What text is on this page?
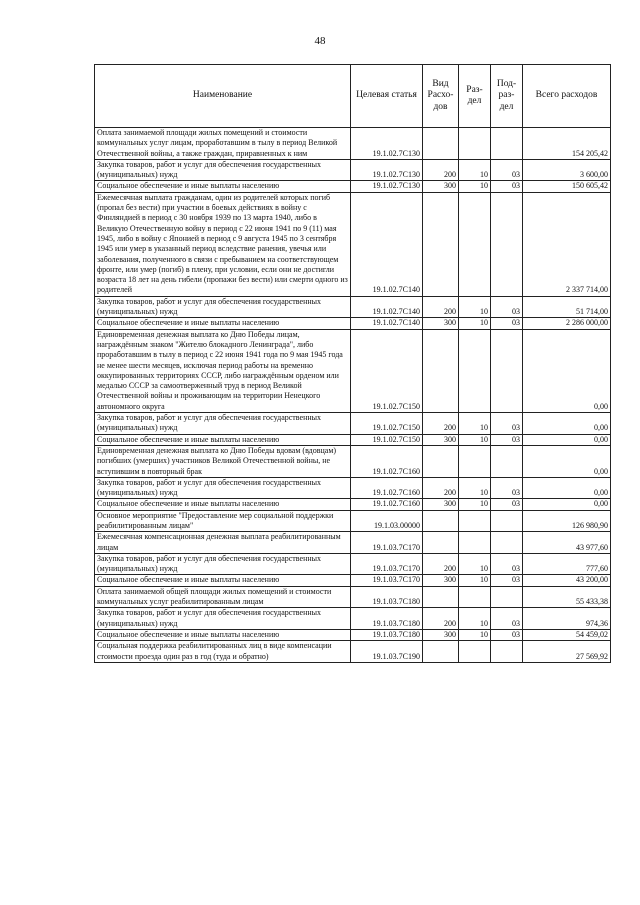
48
Наименование	Целевая статья	Вид Расхо-дов	Раз-дел	Под-раз-дел	Всего расходов
Оплата занимаемой площади жилых помещений и стоимости коммунальных услуг лицам, проработавшим в тылу в период Великой Отечественной войны, а также граждан, приравненных к ним	19.1.02.7С130				154 205,42
Закупка товаров, работ и услуг для обеспечения государственных (муниципальных) нужд	19.1.02.7С130	200	10	03	3 600,00
Социальное обеспечение и иные выплаты населению	19.1.02.7С130	300	10	03	150 605,42
Ежемесячная выплата гражданам, один из родителей которых погиб (пропал без вести) при участии в боевых действиях в войну с Финляндией в период с 30 ноября 1939 по 13 марта 1940, либо в Великую Отечественную войну в период с 22 июня 1941 по 9 (11) мая 1945, либо в войну с Японией в период с 9 августа 1945 по 3 сентября 1945 или умер в указанный период вследствие ранения, увечья или заболевания, полученного в связи с пребыванием на соответствующем фронте, или умер (погиб) в плену, при условии, если они не достигли возраста 18 лет на день гибели (пропажи без вести) или смерти одного из родителей	19.1.02.7С140				2 337 714,00
Закупка товаров, работ и услуг для обеспечения государственных (муниципальных) нужд	19.1.02.7С140	200	10	03	51 714,00
Социальное обеспечение и иные выплаты населению	19.1.02.7С140	300	10	03	2 286 000,00
Единовременная денежная выплата ко Дню Победы лицам, награждённым знаком "Жителю блокадного Ленинграда", либо проработавшим в тылу в период с 22 июня 1941 года по 9 мая 1945 года не менее шести месяцев, исключая период работы на временно оккупированных территориях СССР, либо награждённым орденом или медалью СССР за самоотверженный труд в период Великой Отечественной войны и проживающим на территории Ненецкого автономного округа	19.1.02.7С150				0,00
Закупка товаров, работ и услуг для обеспечения государственных (муниципальных) нужд	19.1.02.7С150	200	10	03	0,00
Социальное обеспечение и иные выплаты населению	19.1.02.7С150	300	10	03	0,00
Единовременная денежная выплата ко Дню Победы вдовам (вдовцам) погибших (умерших) участников Великой Отечественной войны, не вступившим в повторный брак	19.1.02.7С160				0,00
Закупка товаров, работ и услуг для обеспечения государственных (муниципальных) нужд	19.1.02.7С160	200	10	03	0,00
Социальное обеспечение и иные выплаты населению	19.1.02.7С160	300	10	03	0,00
Основное мероприятие "Предоставление мер социальной поддержки реабилитированным лицам"	19.1.03.00000				126 980,90
Ежемесячная компенсационная денежная выплата реабилитированным лицам	19.1.03.7С170				43 977,60
Закупка товаров, работ и услуг для обеспечения государственных (муниципальных) нужд	19.1.03.7С170	200	10	03	777,60
Социальное обеспечение и иные выплаты населению	19.1.03.7С170	300	10	03	43 200,00
Оплата занимаемой общей площади жилых помещений и стоимости коммунальных услуг реабилитированным лицам	19.1.03.7С180				55 433,38
Закупка товаров, работ и услуг для обеспечения государственных (муниципальных) нужд	19.1.03.7С180	200	10	03	974,36
Социальное обеспечение и иные выплаты населению	19.1.03.7С180	300	10	03	54 459,02
Социальная поддержка реабилитированных лиц в виде компенсации стоимости проезда один раз в год (туда и обратно)	19.1.03.7С190				27 569,92
